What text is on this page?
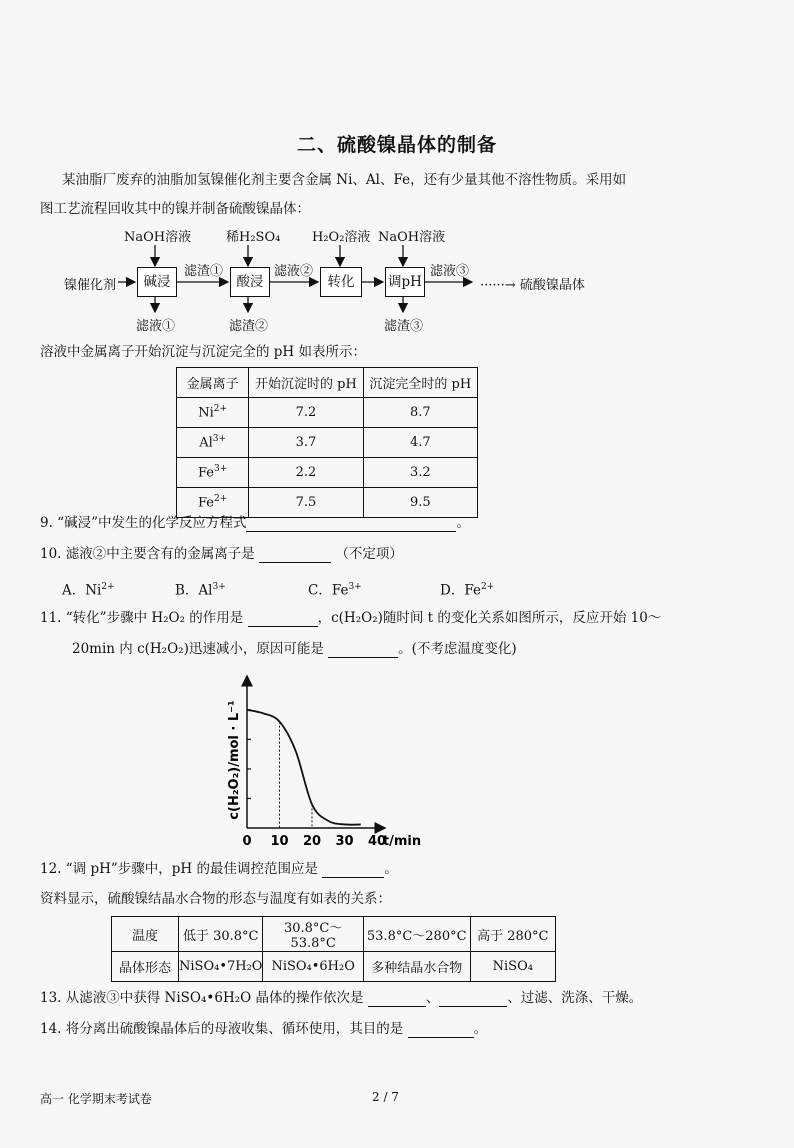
二、硫酸镍晶体的制备
某油脂厂废弃的油脂加氢镍催化剂主要含金属 Ni、Al、Fe，还有少量其他不溶性物质。采用如
图工艺流程回收其中的镍并制备硫酸镍晶体：
镍催化剂	碱浸	酸浸	转化	调pH
NaOH溶液	稀H₂SO₄ H₂O₂溶液 NaOH溶液
滤渣①	滤液②	滤液③
······→ 硫酸镍晶体
滤液①	滤渣②	滤渣③
溶液中金属离子开始沉淀与沉淀完全的 pH 如表所示：
金属离子	开始沉淀时的 pH	沉淀完全时的 pH
$Ni^{2+}$	7.2	8.7
$Al^{3+}$	3.7	4.7
$Fe^{3+}$	2.2	3.2
$Fe^{2+}$	7.5	9.5
9. “碱浸”中发生的化学反应方程式	。
10. 滤液②中主要含有的金属离子是	（不定项）
A．$Ni^{2+}$	B．$Al^{3+}$	C．$Fe^{3+}$	D．$Fe^{2+}$
11. “转化”步骤中 H₂O₂ 的作用是	，c(H₂O₂)随时间 t 的变化关系如图所示，反应开始 10～
20min 内 c(H₂O₂)迅速减小，原因可能是	。(不考虑温度变化)
0 10 20 30 40
c(H₂O₂)/mol · L⁻¹
t/min
12. “调 pH”步骤中，pH 的最佳调控范围应是	。
资料显示，硫酸镍结晶水合物的形态与温度有如表的关系：
温度	低于 30.8°C	30.8°C～53.8°C	53.8°C～280°C	高于 280°C
晶体形态	NiSO₄•7H₂O	NiSO₄•6H₂O	多种结晶水合物	NiSO₄
13. 从滤液③中获得 NiSO₄•6H₂O 晶体的操作依次是	、	、过滤、洗涤、干燥。
14. 将分离出硫酸镍晶体后的母液收集、循环使用，其目的是	。
高一 化学期末考试卷	2 / 7
